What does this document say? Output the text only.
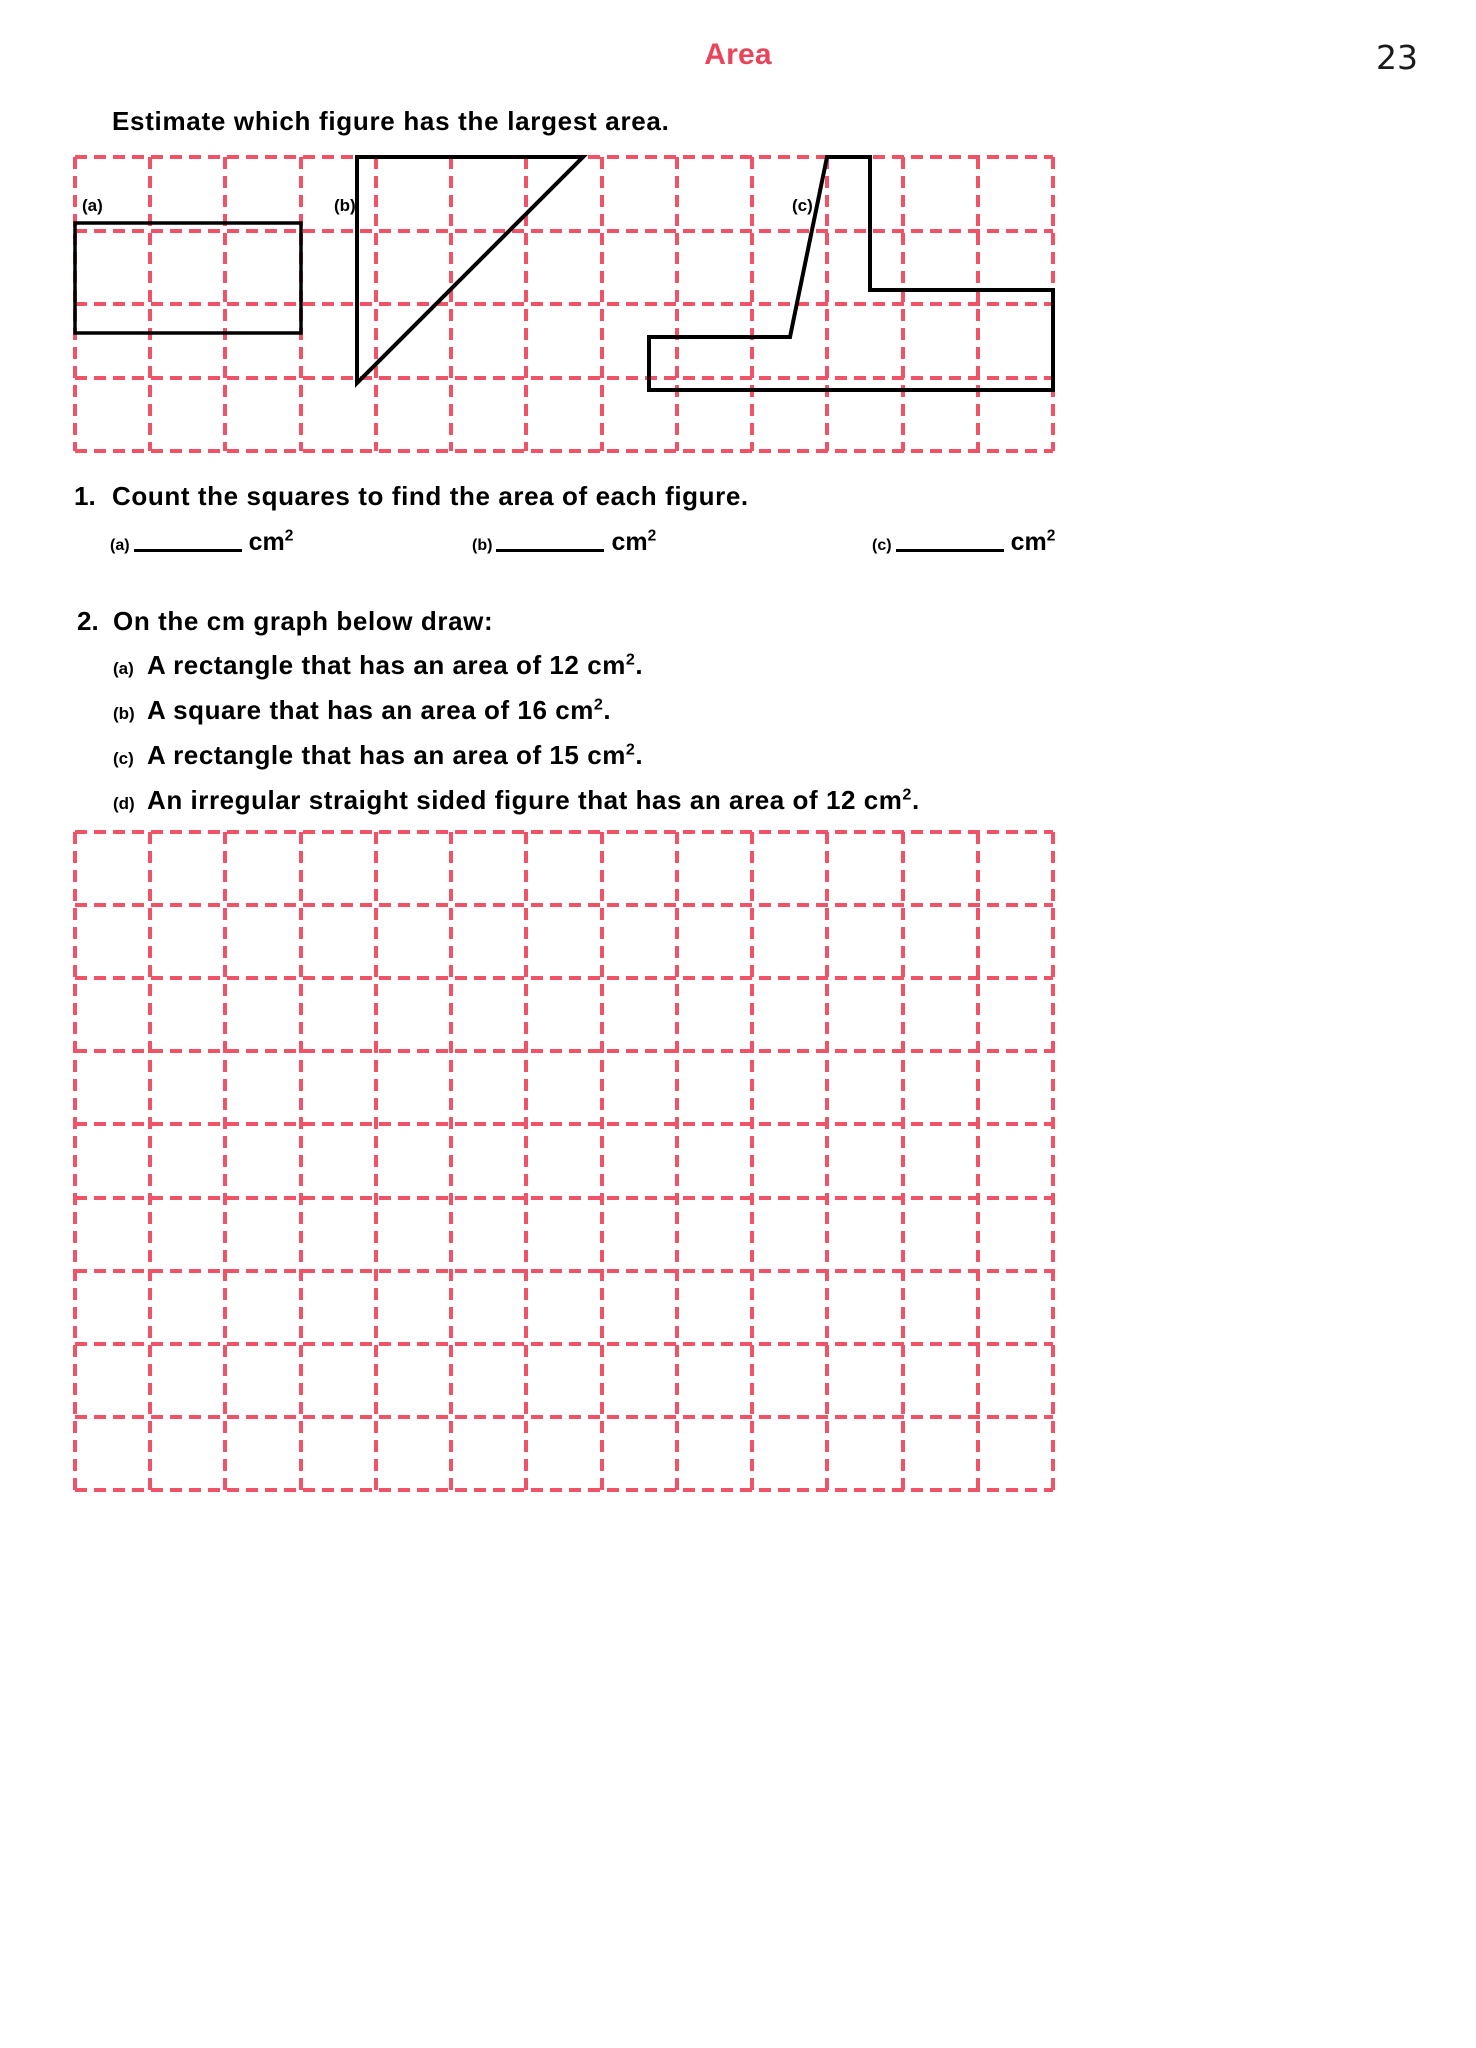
Area	23
Estimate which figure has the largest area.
(a)	(b)	(c)
1. Count the squares to find the area of each figure.
(a)	$cm^2$
(b)	$cm^2$
(c)	$cm^2$
2. On the cm graph below draw:
(a) A rectangle that has an area of 12 $cm^2$.
(b) A square that has an area of 16 $cm^2$.
(c) A rectangle that has an area of 15 $cm^2$.
(d) An irregular straight sided figure that has an area of 12 $cm^2$.
